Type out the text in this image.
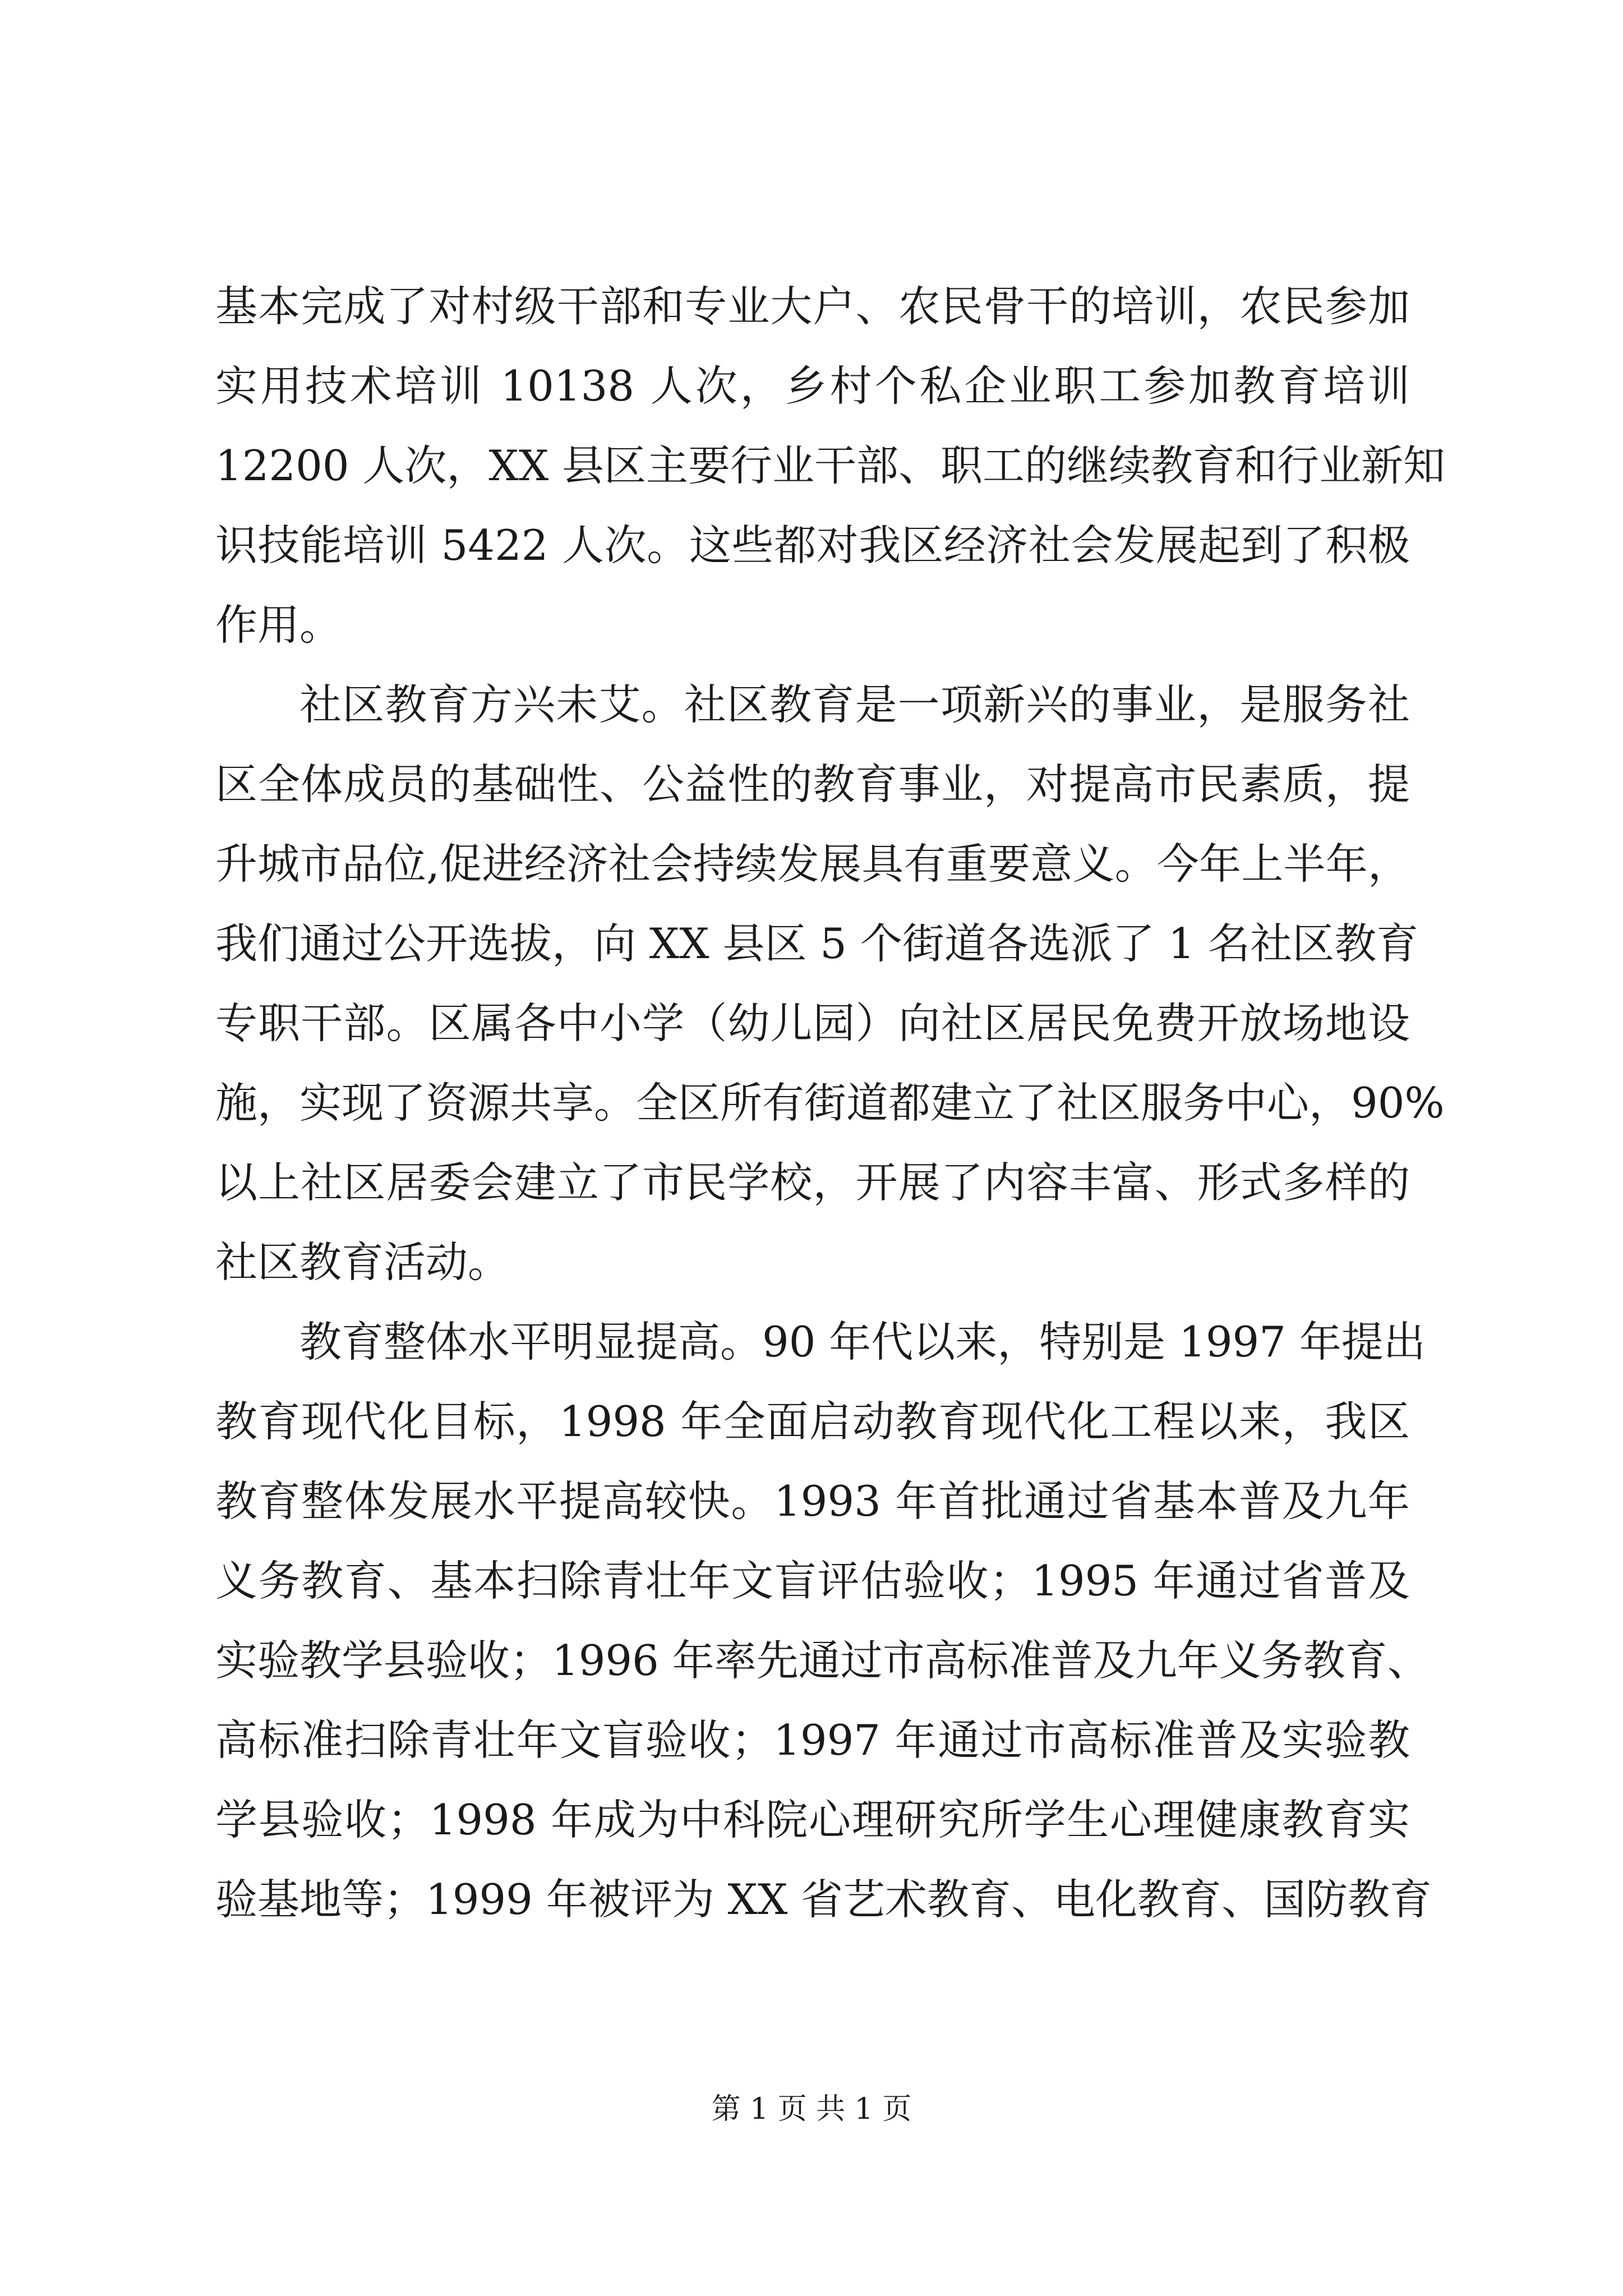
基本完成了对村级干部和专业大户、农民骨干的培训，农民参加
实用技术培训 10138 人次，乡村个私企业职工参加教育培训
12200 人次，XX 县区主要行业干部、职工的继续教育和行业新知
识技能培训 5422 人次。这些都对我区经济社会发展起到了积极
作用。
社区教育方兴未艾。社区教育是一项新兴的事业，是服务社
区全体成员的基础性、公益性的教育事业，对提高市民素质，提
升城市品位,促进经济社会持续发展具有重要意义。今年上半年，
我们通过公开选拔，向 XX 县区 5 个街道各选派了 1 名社区教育
专职干部。区属各中小学（幼儿园）向社区居民免费开放场地设
施，实现了资源共享。全区所有街道都建立了社区服务中心，90%
以上社区居委会建立了市民学校，开展了内容丰富、形式多样的
社区教育活动。
教育整体水平明显提高。90 年代以来，特别是 1997 年提出
教育现代化目标，1998 年全面启动教育现代化工程以来，我区
教育整体发展水平提高较快。1993 年首批通过省基本普及九年
义务教育、基本扫除青壮年文盲评估验收；1995 年通过省普及
实验教学县验收；1996 年率先通过市高标准普及九年义务教育、
高标准扫除青壮年文盲验收；1997 年通过市高标准普及实验教
学县验收；1998 年成为中科院心理研究所学生心理健康教育实
验基地等；1999 年被评为 XX 省艺术教育、电化教育、国防教育
第 1 页 共 1 页
